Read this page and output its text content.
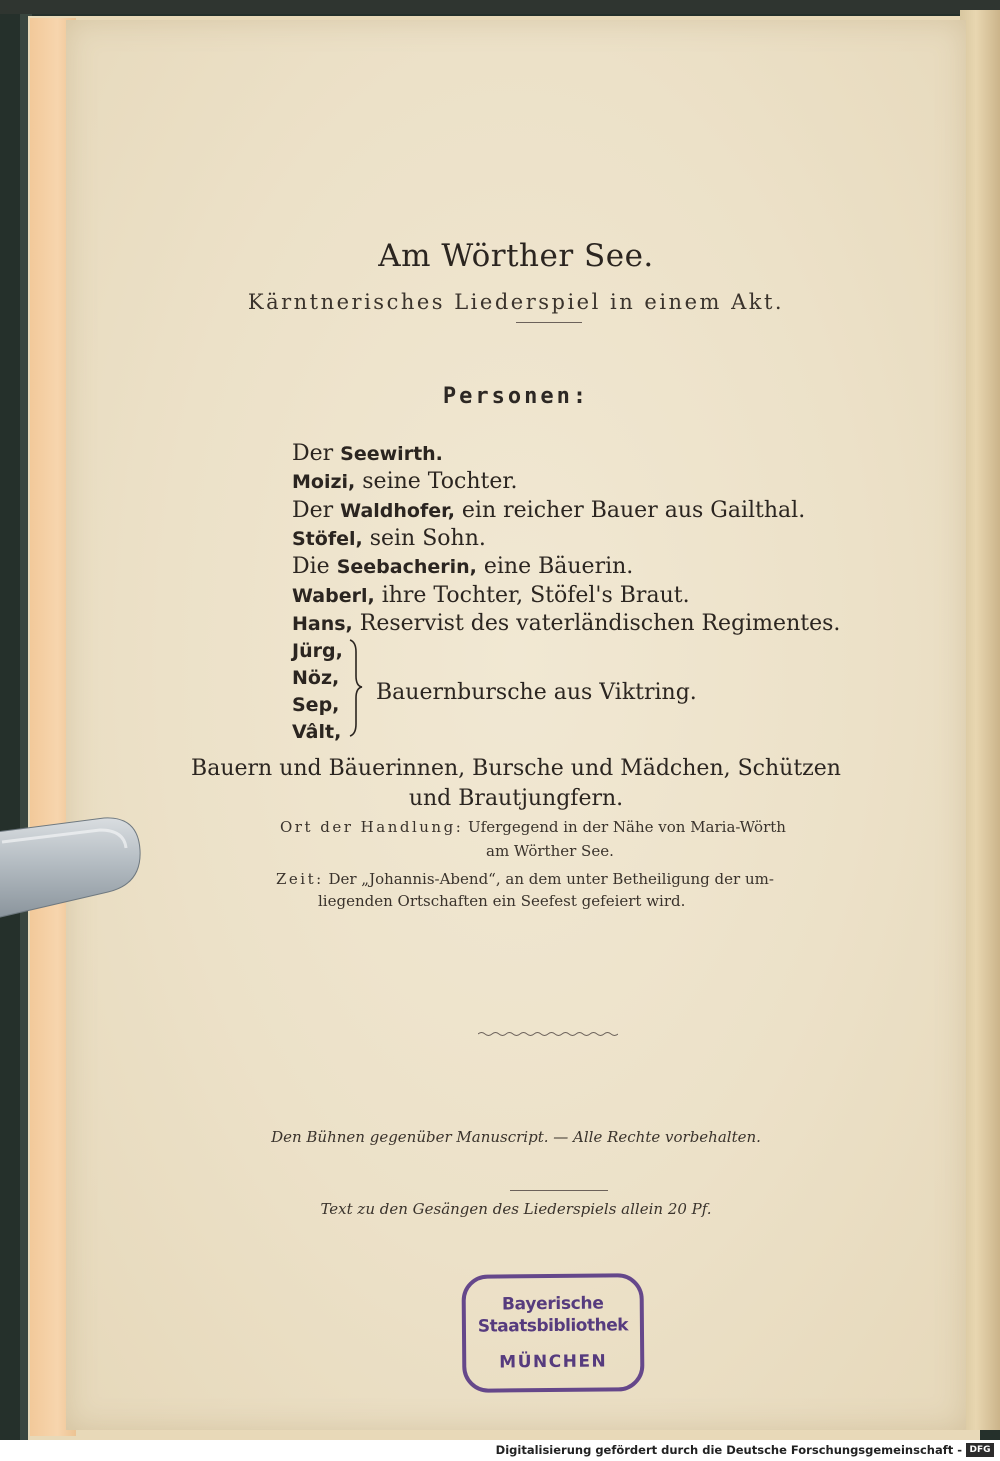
Am Wörther See.
Kärntnerisches Liederspiel in einem Akt.
Personen:
Der Seewirth.
Moizi, seine Tochter.
Der Waldhofer, ein reicher Bauer aus Gailthal.
Stöfel, sein Sohn.
Die Seebacherin, eine Bäuerin.
Waberl, ihre Tochter, Stöfel's Braut.
Hans, Reservist des vaterländischen Regimentes.
Jürg,
Nöz,
Sep,
Vâlt,
Bauernbursche aus Viktring.
Bauern und Bäuerinnen, Bursche und Mädchen, Schützen
und Brautjungfern.
Ort der Handlung: Ufergegend in der Nähe von Maria-Wörth
am Wörther See.
Zeit: Der „Johannis-Abend“, an dem unter Betheiligung der um-
liegenden Ortschaften ein Seefest gefeiert wird.
Den Bühnen gegenüber Manuscript. — Alle Rechte vorbehalten.
Text zu den Gesängen des Liederspiels allein 20 Pf.
Bayerische
Staatsbibliothek
MÜNCHEN
Digitalisierung gefördert durch die Deutsche Forschungsgemeinschaft - DFG
